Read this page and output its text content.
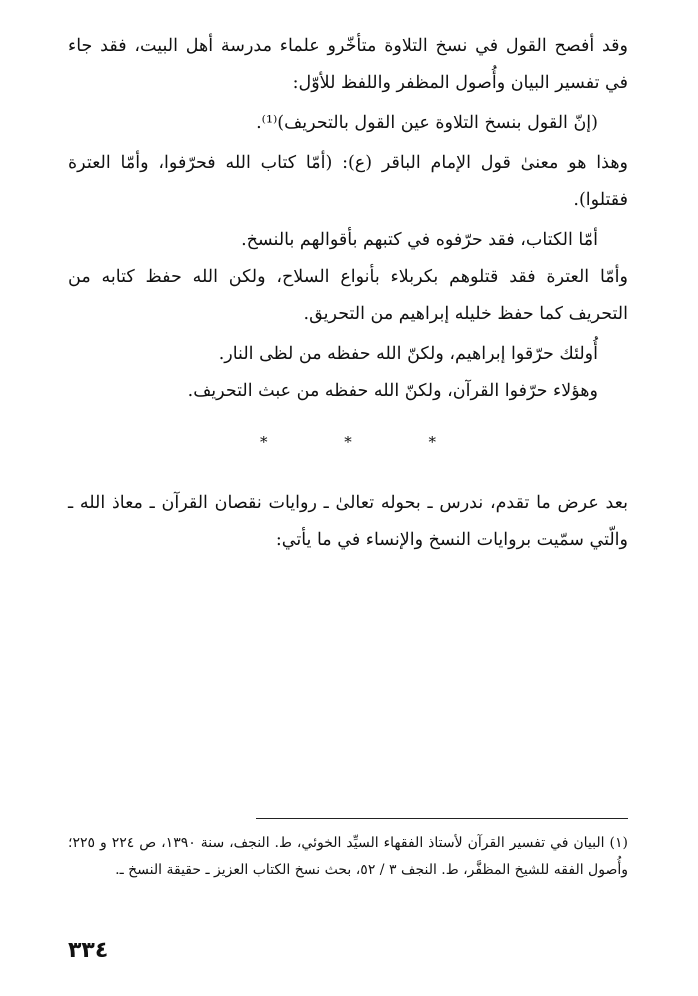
وقد أفصح القول في نسخ التلاوة متأخّرو علماء مدرسة أهل البيت، فقد جاء في تفسير البيان وأُصول المظفر واللفظ للأوّل:

(إنّ القول بنسخ التلاوة عين القول بالتحريف)⁽¹⁾.

وهذا هو معنىٰ قول الإمام الباقر (ع): (أمّا كتاب الله فحرّفوا، وأمّا العترة فقتلوا).

أمّا الكتاب، فقد حرّفوه في كتبهم بأقوالهم بالنسخ.

وأمّا العترة فقد قتلوهم بكربلاء بأنواع السلاح، ولكن الله حفظ كتابه من التحريف كما حفظ خليله إبراهيم من التحريق.

أُولئك حرّقوا إبراهيم، ولكنّ الله حفظه من لظى النار.

وهؤلاء حرّفوا القرآن، ولكنّ الله حفظه من عبث التحريف.

* * *

بعد عرض ما تقدم، ندرس ـ بحوله تعالىٰ ـ روايات نقصان القرآن ـ معاذ الله ـ والّتي سمّيت بروايات النسخ والإنساء في ما يأتي:

(١) البيان في تفسير القرآن لأستاذ الفقهاء السيِّد الخوئي، ط. النجف، سنة ١٣٩٠، ص ٢٢٤ و ٢٢٥؛ وأُصول الفقه للشيخ المظفَّر، ط. النجف ٣ / ٥٢، بحث نسخ الكتاب العزيز ـ حقيقة النسخ ـ.

٣٣٤
